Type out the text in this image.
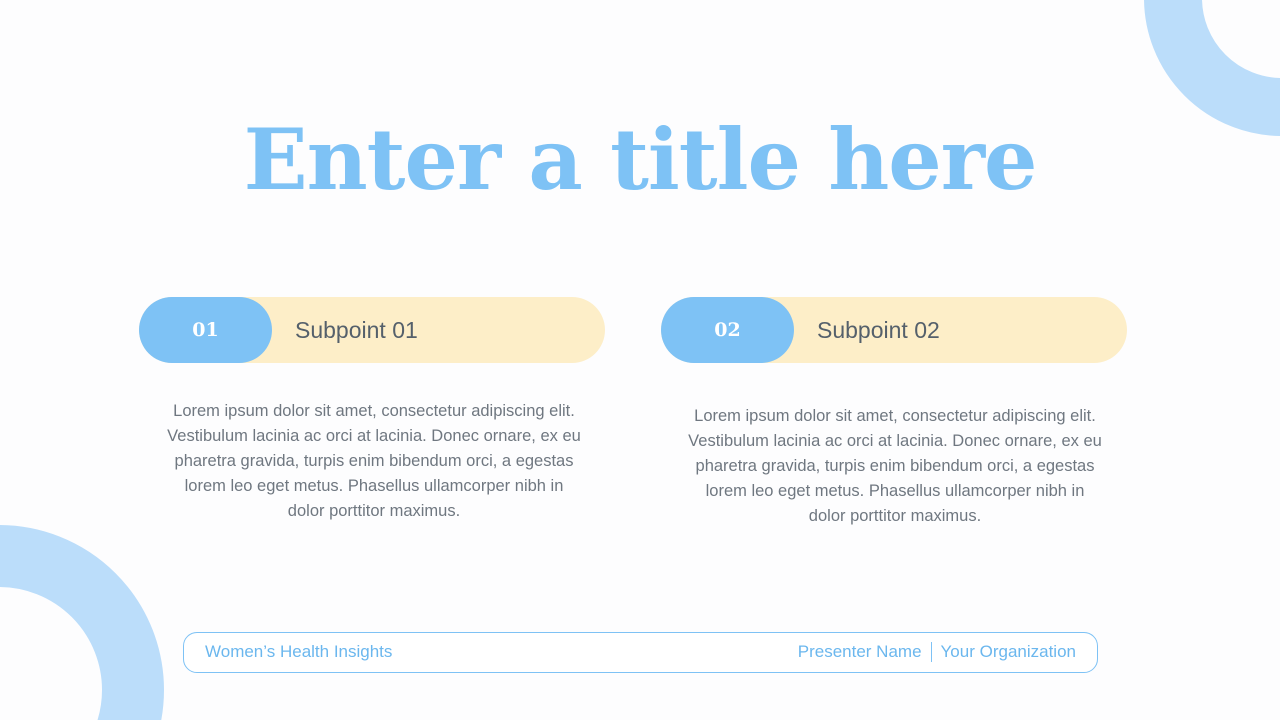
Enter a title here
01	Subpoint 01	02	Subpoint 02

Lorem ipsum dolor sit amet, consectetur adipiscing elit. Vestibulum lacinia ac orci at lacinia. Donec ornare, ex eu pharetra gravida, turpis enim bibendum orci, a egestas lorem leo eget metus. Phasellus ullamcorper nibh in dolor porttitor maximus.

Lorem ipsum dolor sit amet, consectetur adipiscing elit. Vestibulum lacinia ac orci at lacinia. Donec ornare, ex eu pharetra gravida, turpis enim bibendum orci, a egestas lorem leo eget metus. Phasellus ullamcorper nibh in dolor porttitor maximus.

Women’s Health Insights	Presenter Name Your Organization
